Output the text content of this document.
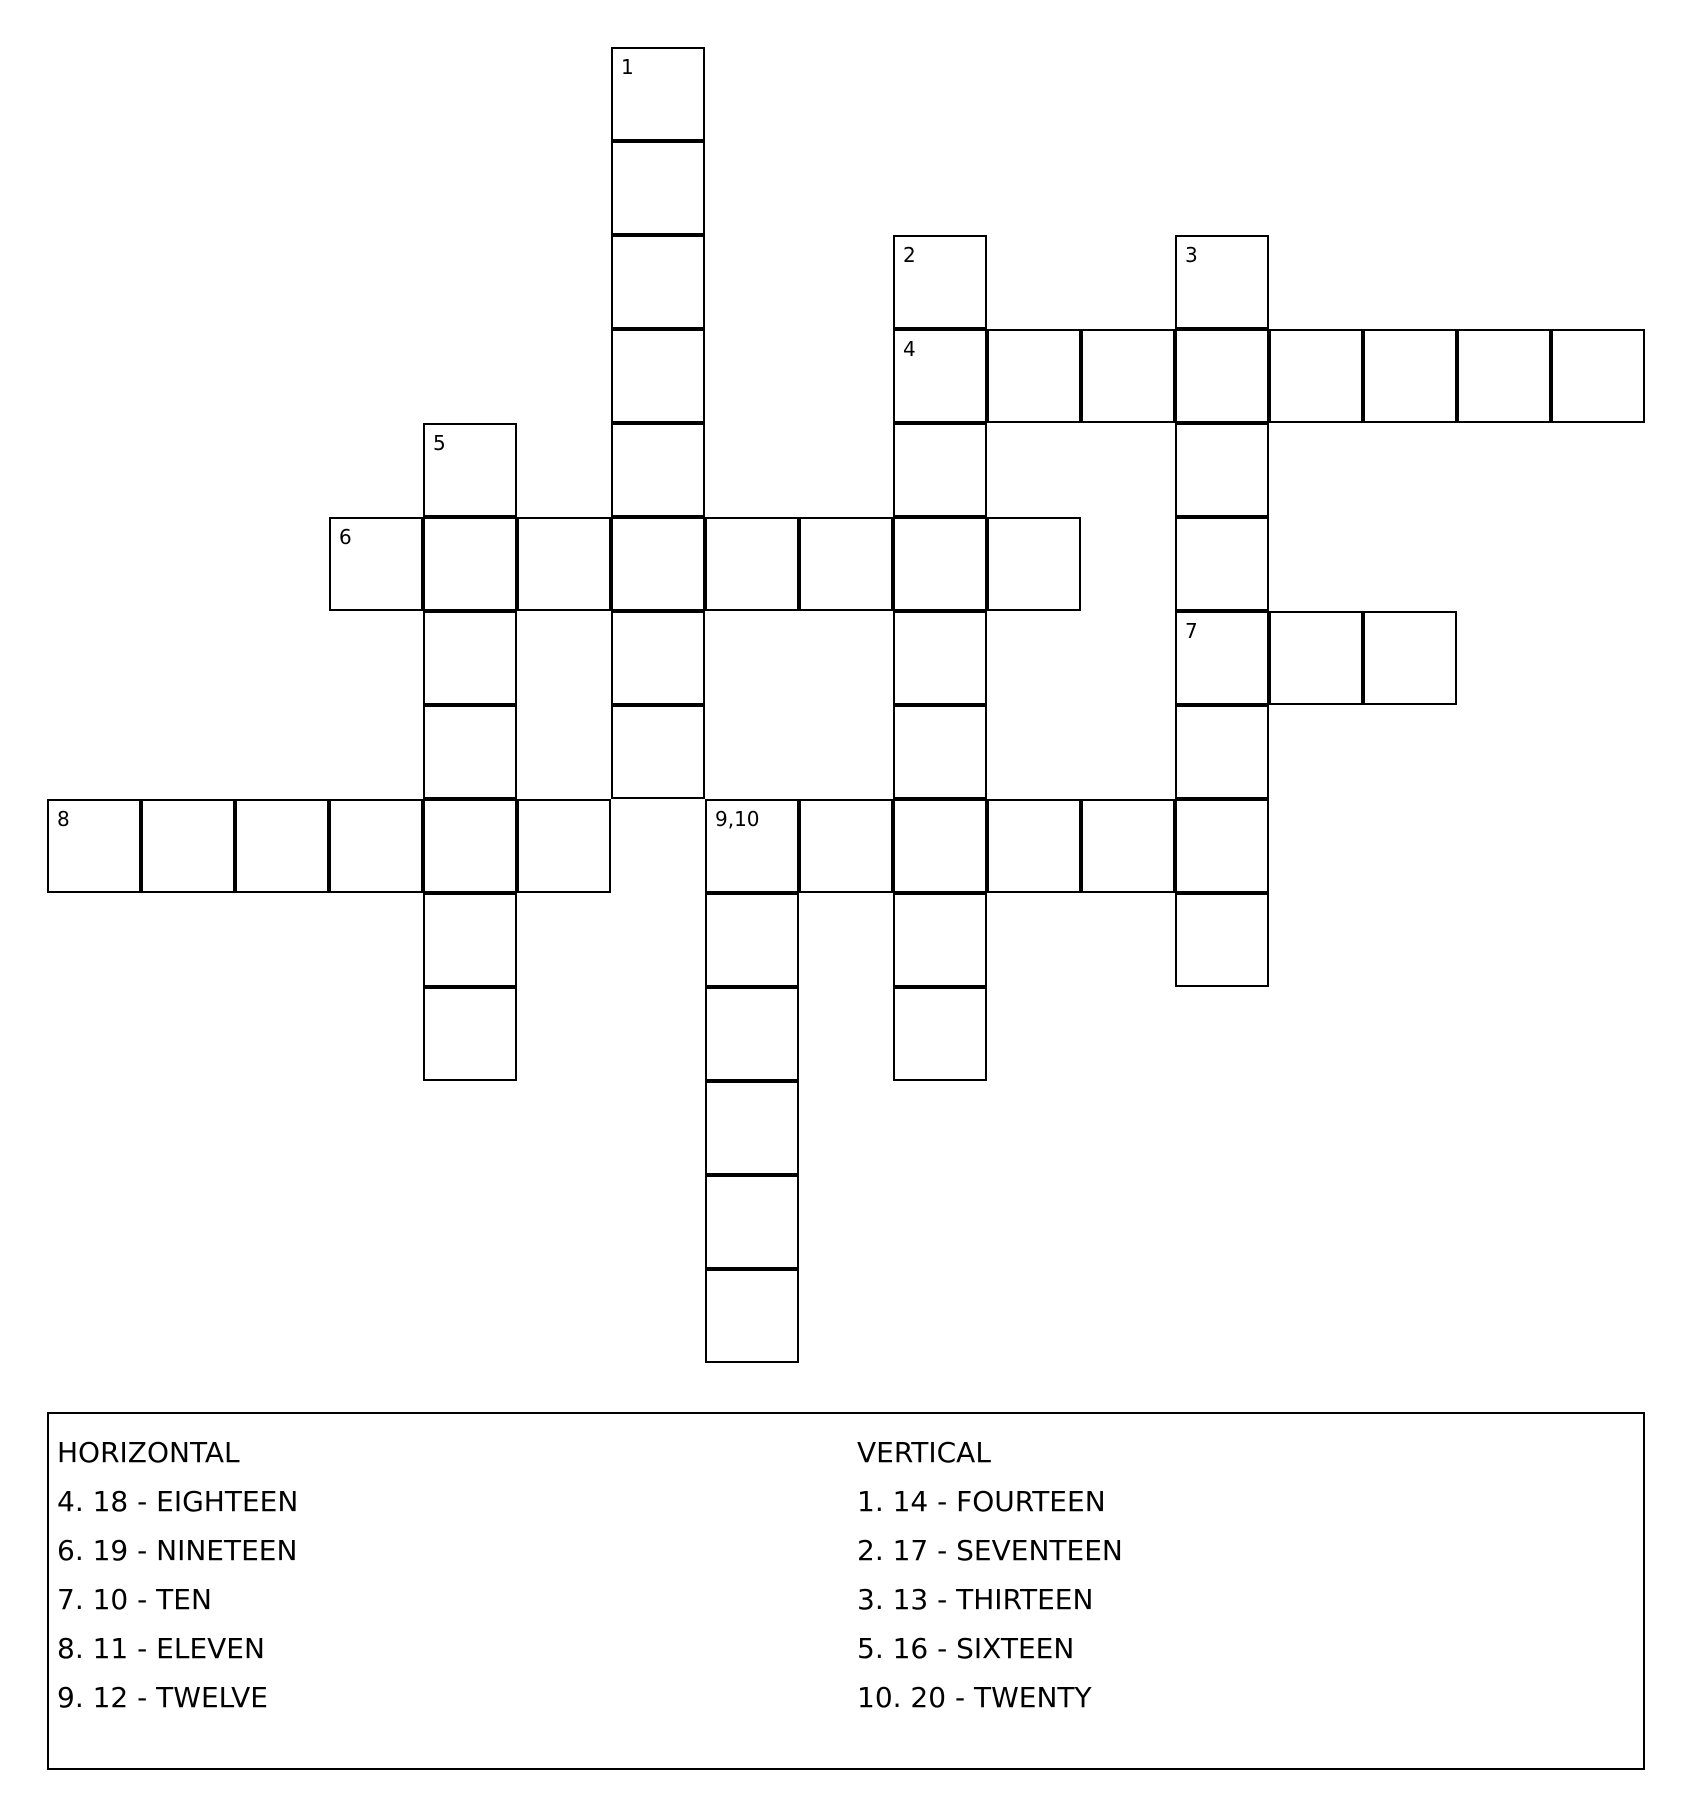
1
2
4
3
7
5
6
8	9,10
HORIZONTAL
4. 18 - EIGHTEEN
6. 19 - NINETEEN
7. 10 - TEN
8. 11 - ELEVEN
9. 12 - TWELVE
VERTICAL
1. 14 - FOURTEEN
2. 17 - SEVENTEEN
3. 13 - THIRTEEN
5. 16 - SIXTEEN
10. 20 - TWENTY
